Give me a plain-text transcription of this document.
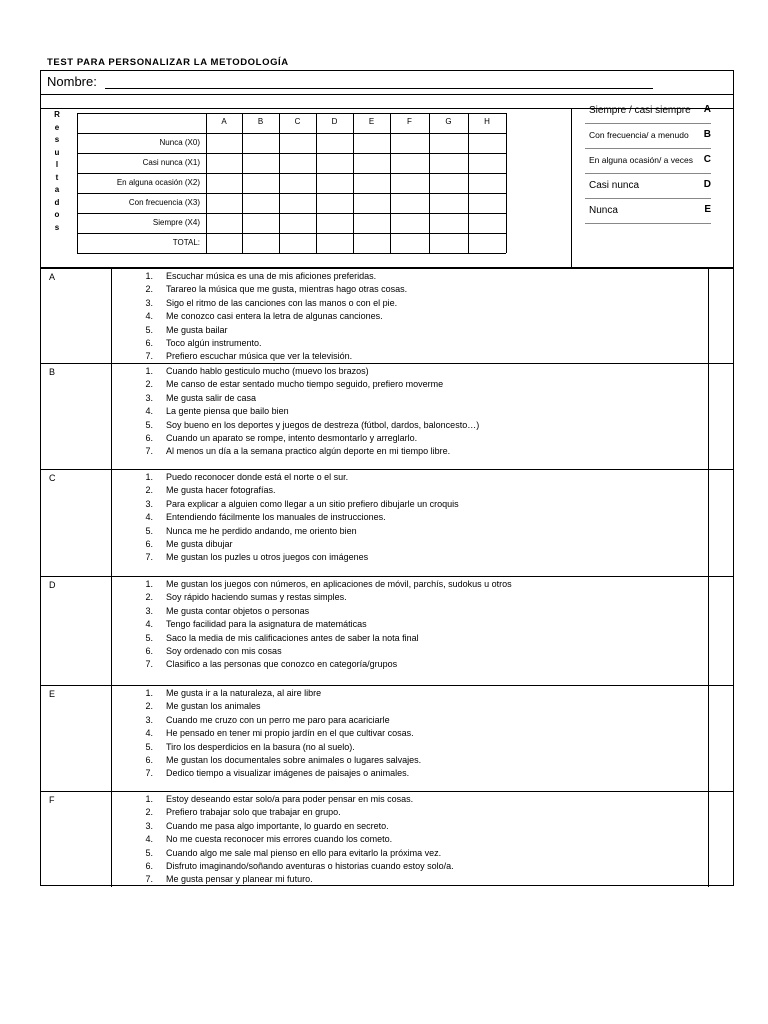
TEST PARA PERSONALIZAR LA METODOLOGÍA
Nombre:
R
e
s
u
l
t
a
d
o
s
A	B	C	D	E	F	G	H
Nunca (X0)
Casi nunca (X1)
En alguna ocasión (X2)
Con frecuencia (X3)
Siempre (X4)
TOTAL:
A	1. Escuchar música es una de mis aficiones preferidas.
2. Tarareo la música que me gusta, mientras hago otras cosas.
3. Sigo el ritmo de las canciones con las manos o con el pie.
4. Me conozco casi entera la letra de algunas canciones.
5. Me gusta bailar
6. Toco algún instrumento.
7. Prefiero escuchar música que ver la televisión.
B	1. Cuando hablo gesticulo mucho (muevo los brazos)
2. Me canso de estar sentado mucho tiempo seguido, prefiero moverme
3. Me gusta salir de casa
4. La gente piensa que bailo bien
5. Soy bueno en los deportes y juegos de destreza (fútbol, dardos, baloncesto…)
6. Cuando un aparato se rompe, intento desmontarlo y arreglarlo.
7. Al menos un día a la semana practico algún deporte en mi tiempo libre.
C	1. Puedo reconocer donde está el norte o el sur.
2. Me gusta hacer fotografías.
3. Para explicar a alguien como llegar a un sitio prefiero dibujarle un croquis
4. Entendiendo fácilmente los manuales de instrucciones.
5. Nunca me he perdido andando, me oriento bien
6. Me gusta dibujar
7. Me gustan los puzles u otros juegos con imágenes
D	1. Me gustan los juegos con números, en aplicaciones de móvil, parchís, sudokus u otros
2. Soy rápido haciendo sumas y restas simples.
3. Me gusta contar objetos o personas
4. Tengo facilidad para la asignatura de matemáticas
5. Saco la media de mis calificaciones antes de saber la nota final
6. Soy ordenado con mis cosas
7. Clasifico a las personas que conozco en categoría/grupos
E	1. Me gusta ir a la naturaleza, al aire libre
2. Me gustan los animales
3. Cuando me cruzo con un perro me paro para acariciarle
4. He pensado en tener mi propio jardín en el que cultivar cosas.
5. Tiro los desperdicios en la basura (no al suelo).
6. Me gustan los documentales sobre animales o lugares salvajes.
7. Dedico tiempo a visualizar imágenes de paisajes o animales.
F	1. Estoy deseando estar solo/a para poder pensar en mis cosas.
2. Prefiero trabajar solo que trabajar en grupo.
3. Cuando me pasa algo importante, lo guardo en secreto.
4. No me cuesta reconocer mis errores cuando los cometo.
5. Cuando algo me sale mal pienso en ello para evitarlo la próxima vez.
6. Disfruto imaginando/soñando aventuras o historias cuando estoy solo/a.
7. Me gusta pensar y planear mi futuro.
Siempre / casi siempre A
Con frecuencia/ a menudo B
En alguna ocasión/ a veces C
Casi nunca	D
Nunca	E
